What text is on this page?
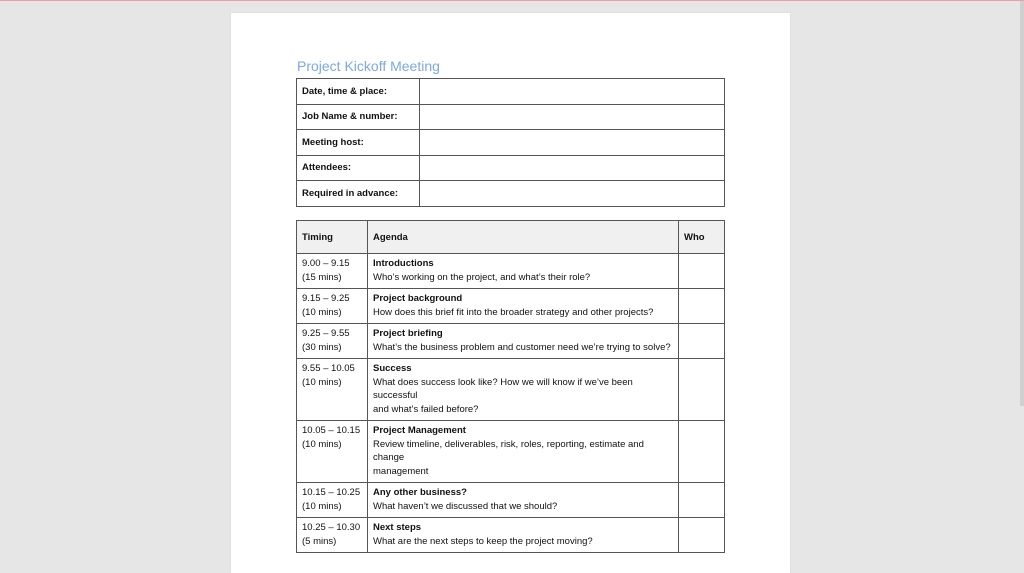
Project Kickoff Meeting
Date, time & place:	
Job Name & number:	
Meeting host:	
Attendees:	
Required in advance:	
Timing	Agenda	Who

9.00 – 9.15
(15 mins)	Introductions
Who’s working on the project, and what’s their role?	

9.15 – 9.25
(10 mins)	Project background
How does this brief fit into the broader strategy and other projects?	

9.25 – 9.55
(30 mins)	Project briefing
What’s the business problem and customer need we’re trying to solve?	

9.55 – 10.05
(10 mins)	Success
What does success look like? How we will know if we’ve been successful
and what’s failed before?	

10.05 – 10.15
(10 mins)	Project Management
Review timeline, deliverables, risk, roles, reporting, estimate and change
management	

10.15 – 10.25
(10 mins)	Any other business?
What haven’t we discussed that we should?	

10.25 – 10.30
(5 mins)	Next steps
What are the next steps to keep the project moving?	
